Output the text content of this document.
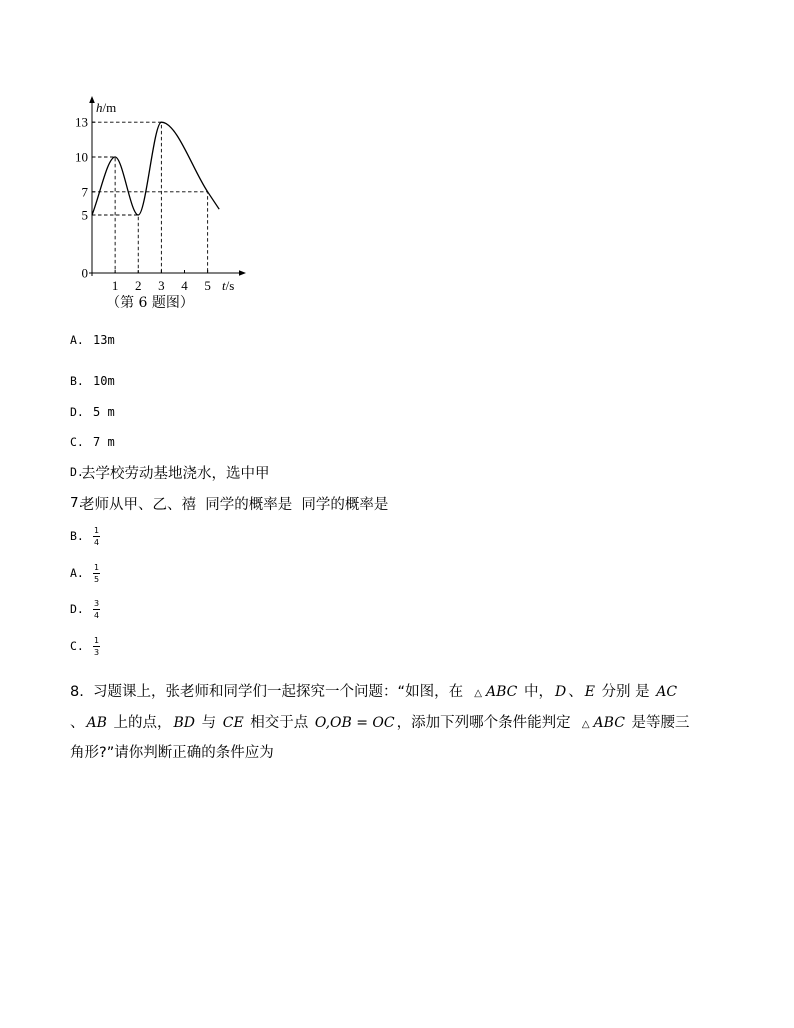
0
5
7
10
13
1 2 3 4 5
h/m
t/s
（第 6 题图）
A. 13m
B. 10m
D. 5 m
C. 7 m
D.
去学校劳动基地浇水，选中甲
7.
老师从甲、乙、禧  同学的概率是  同学的概率是
B.	$\frac{1}{4}$
A.	$\frac{1}{5}$
D.	$\frac{3}{4}$
C.	$\frac{1}{3}$
8. 习题课上，张老师和同学们一起探究一个问题：“如图，在 △ ABC 中， D 、 E 分别 是 AC
、 AB 上的点， BD 与 CE 相交于点 O,OB = OC ，添加下列哪个条件能判定 △ ABC 是等腰三
角形?”请你判断正确的条件应为
